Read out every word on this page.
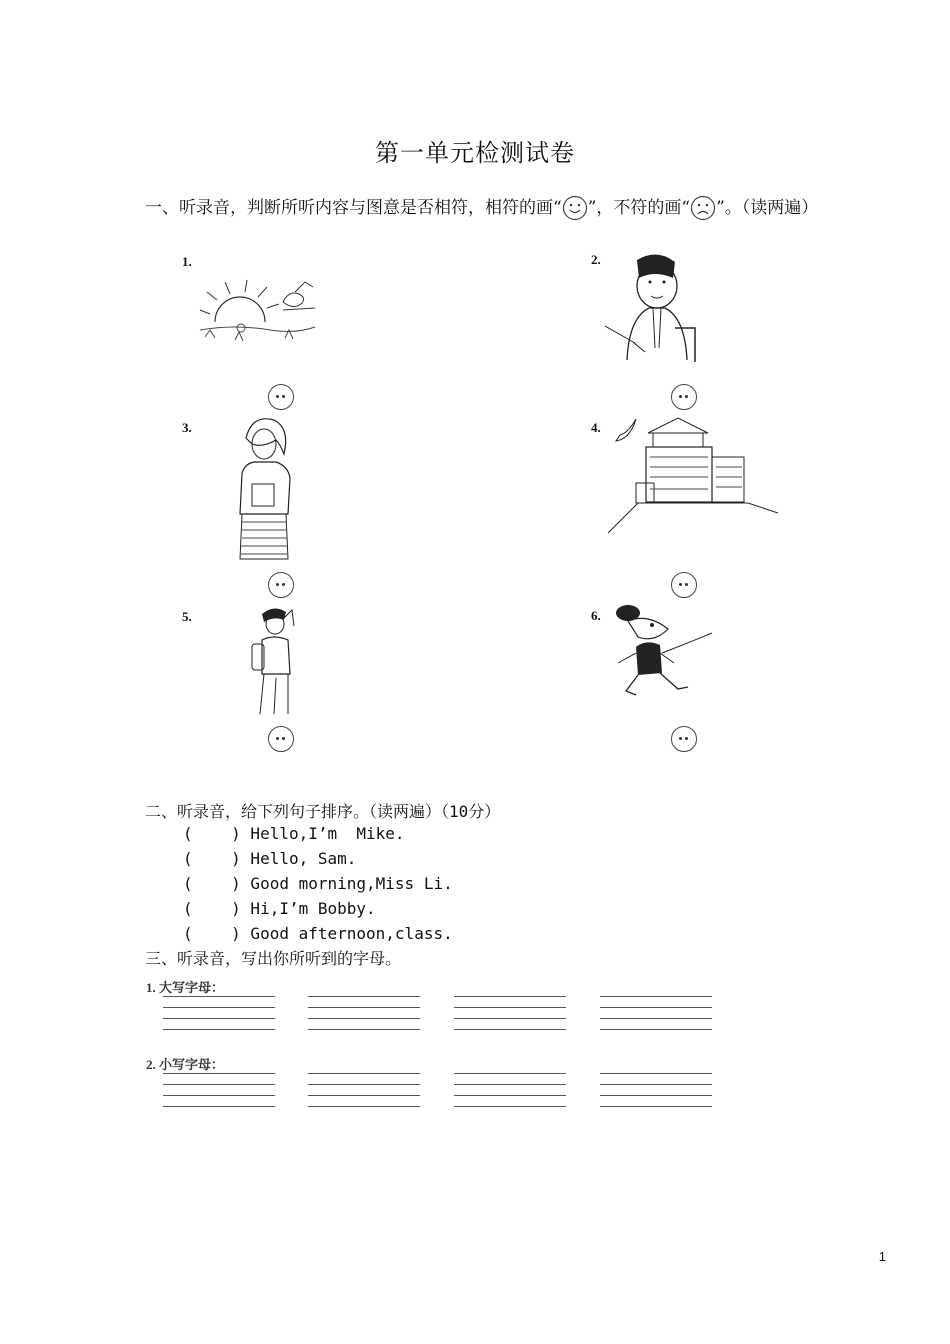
第一单元检测试卷
一、听录音，判断所听内容与图意是否相符，相符的画“ ”，不符的画“ ”。（读两遍）
1.	2.
3.	4.
5.	6.
二、听录音，给下列句子排序。（读两遍）（10分）
(    ) Hello,I’m  Mike.
(    ) Hello, Sam.
(    ) Good morning,Miss Li.
(    ) Hi,I’m Bobby.
(    ) Good afternoon,class.
三、听录音，写出你所听到的字母。
1. 大写字母：
2. 小写字母：
1
